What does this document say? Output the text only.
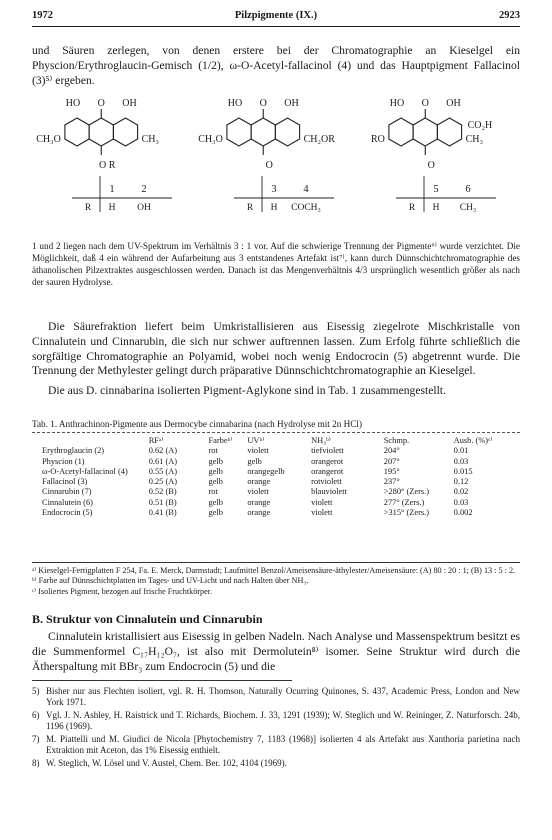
1972	Pilzpigmente (IX.)	2923
und Säuren zerlegen, von denen erstere bei der Chromatographie an Kieselgel ein Physcion/Erythroglaucin-Gemisch (1/2), ω-O-Acetyl-fallacinol (4) und das Hauptpigment Fallacinol (3)⁵⁾ ergeben.
HO O OH
CH₃O	CH₃
O R
1	2
R H OH
HO O OH
CH₃O	CH₂OR
O
3	4
R H COCH₃
HO O OH
RO	CH₃
CO₂H
O
5	6
R H CH₃
1 und 2 liegen nach dem UV-Spektrum im Verhältnis 3 : 1 vor. Auf die schwierige Trennung der Pigmente⁶⁾ wurde verzichtet. Die Möglichkeit, daß 4 ein während der Aufarbeitung aus 3 entstandenes Artefakt ist⁷⁾, kann durch Dünnschichtchromatographie des äthanolischen Pilzextraktes ausgeschlossen werden. Danach ist das Mengenverhältnis 4/3 ursprünglich wesentlich größer als nach der sauren Hydrolyse.
Die Säurefraktion liefert beim Umkristallisieren aus Eisessig ziegelrote Mischkristalle von Cinnalutein und Cinnarubin, die sich nur schwer auftrennen lassen. Zum Erfolg führte schließlich die sorgfältige Chromatographie an Polyamid, wobei noch wenig Endocrocin (5) abgetrennt wurde. Die Trennung der Methylester gelingt durch präparative Dünnschichtchromatographie an Kieselgel.
Die aus D. cinnabarina isolierten Pigment-Aglykone sind in Tab. 1 zusammengestellt.
Tab. 1. Anthrachinon-Pigmente aus Dermocybe cinnabarina (nach Hydrolyse mit 2n HCl)
	RFᵃ⁾	Farbeᵇ⁾	UVᵇ⁾	NH₃ᵇ⁾	Schmp.	Ausb. (%)ᶜ⁾
Erythroglaucin (2)	0.62 (A)	rot	violett	tiefviolett	204°	0.01
Physcion (1)	0.61 (A)	gelb	gelb	orangerot	207°	0.03
ω-O-Acetyl-fallacinol (4)	0.55 (A)	gelb	orangegelb	orangerot	195°	0.015
Fallacinol (3)	0.25 (A)	gelb	orange	rotviolett	237°	0.12
Cinnarubin (7)	0.52 (B)	rot	violett	blauviolett	>280° (Zers.)	0.02
Cinnalutein (6)	0.51 (B)	gelb	orange	violett	277° (Zers.)	0.03
Endocrocin (5)	0.41 (B)	gelb	orange	violett	>315° (Zers.)	0.002
ᵃ⁾ Kieselgel-Fertigplatten F 254, Fa. E. Merck, Darmstadt; Laufmittel Benzol/Ameisensäure-äthylester/Ameisensäure: (A) 80 : 20 : 1; (B) 13 : 5 : 2.
ᵇ⁾ Farbe auf Dünnschichtplatten im Tages- und UV-Licht und nach Halten über NH₃.
ᶜ⁾ Isoliertes Pigment, bezogen auf frische Fruchtkörper.
B. Struktur von Cinnalutein und Cinnarubin
Cinnalutein kristallisiert aus Eisessig in gelben Nadeln. Nach Analyse und Massenspektrum besitzt es die Summenformel C₁₇H₁₂O₇, ist also mit Dermolutein⁸⁾ isomer. Seine Struktur wird durch die Ätherspaltung mit BBr₃ zum Endocrocin (5) und die
5) Bisher nur aus Flechten isoliert, vgl. R. H. Thomson, Naturally Ocurring Quinones, S. 437, Academic Press, London and New York 1971.
6) Vgl. J. N. Ashley, H. Raistrick und T. Richards, Biochem. J. 33, 1291 (1939); W. Steglich und W. Reininger, Z. Naturforsch. 24b, 1196 (1969).
7) M. Piattelli und M. Giudici de Nicola [Phytochemistry 7, 1183 (1968)] isolierten 4 als Artefakt aus Xanthoria parietina nach Extraktion mit Aceton, das 1% Eisessig enthielt.
8) W. Steglich, W. Lösel und V. Austel, Chem. Ber. 102, 4104 (1969).
